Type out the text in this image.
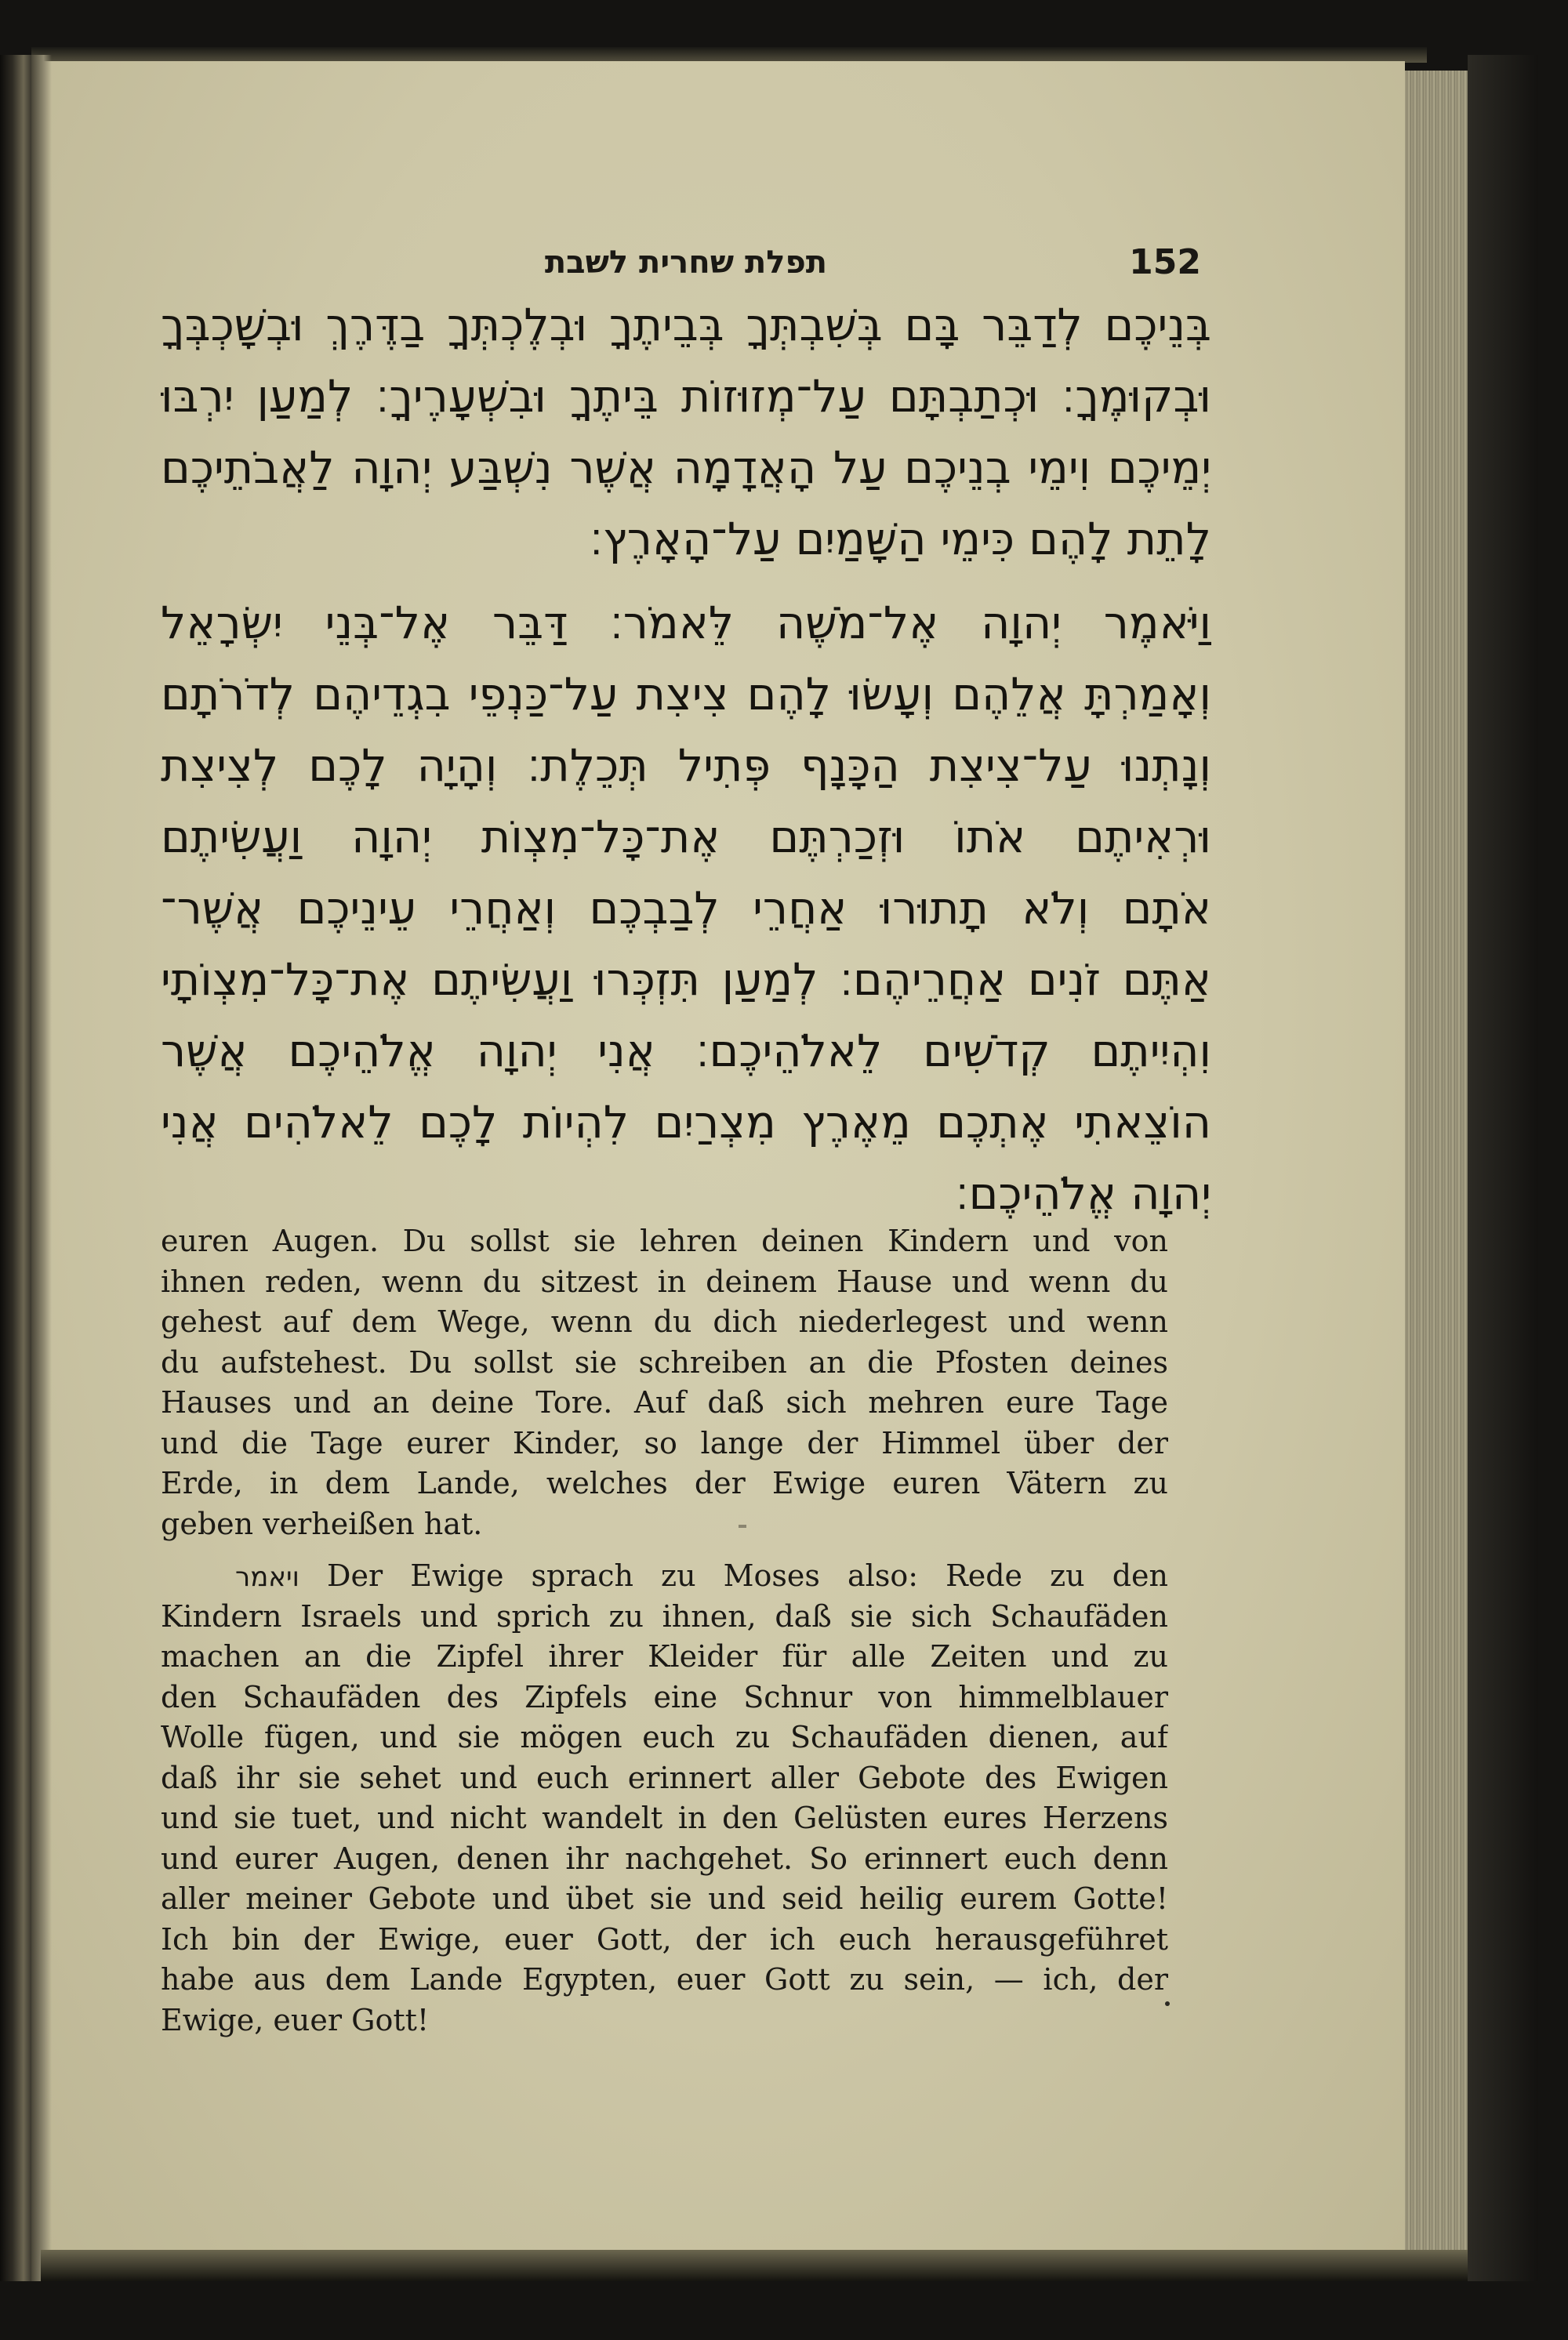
תפלת שחרית לשבת	152
בְּנֵיכֶם לְדַבֵּר בָּם בְּשִׁבְתְּךָ בְּבֵיתֶךָ וּבְלֶכְתְּךָ בַדֶּרֶךְ וּבְשָׁכְבְּךָ
וּבְקוּמֶךָ׃ וּכְתַבְתָּם עַל־מְזוּזוֹת בֵּיתֶךָ וּבִשְׁעָרֶיךָ׃ לְמַעַן יִרְבּוּ
יְמֵיכֶם וִימֵי בְנֵיכֶם עַל הָאֲדָמָה אֲשֶׁר נִשְׁבַּע יְהוָה לַאֲבֹתֵיכֶם
לָתֵת לָהֶם כִּימֵי הַשָּׁמַיִם עַל־הָאָרֶץ׃
וַיֹּאמֶר יְהוָה אֶל־מֹשֶׁה לֵּאמֹר׃ דַּבֵּר אֶל־בְּנֵי יִשְׂרָאֵל
וְאָמַרְתָּ אֲלֵהֶם וְעָשׂוּ לָהֶם צִיצִת עַל־כַּנְפֵי בִגְדֵיהֶם לְדֹרֹתָם
וְנָתְנוּ עַל־צִיצִת הַכָּנָף פְּתִיל תְּכֵלֶת׃ וְהָיָה לָכֶם לְצִיצִת
וּרְאִיתֶם אֹתוֹ וּזְכַרְתֶּם אֶת־כָּל־מִצְוֹת יְהוָה וַעֲשִׂיתֶם
אֹתָם וְלֹא תָתוּרוּ אַחֲרֵי לְבַבְכֶם וְאַחֲרֵי עֵינֵיכֶם אֲשֶׁר־
אַתֶּם זֹנִים אַחֲרֵיהֶם׃ לְמַעַן תִּזְכְּרוּ וַעֲשִׂיתֶם אֶת־כָּל־מִצְוֹתָי
וִהְיִיתֶם קְדֹשִׁים לֵאלֹהֵיכֶם׃ אֲנִי יְהוָה אֱלֹהֵיכֶם אֲשֶׁר
הוֹצֵאתִי אֶתְכֶם מֵאֶרֶץ מִצְרַיִם לִהְיוֹת לָכֶם לֵאלֹהִים אֲנִי
יְהוָה אֱלֹהֵיכֶם׃
euren Augen. Du sollst sie lehren deinen Kindern und von
ihnen reden, wenn du sitzest in deinem Hause und wenn du
gehest auf dem Wege, wenn du dich niederlegest und wenn
du aufstehest. Du sollst sie schreiben an die Pfosten deines
Hauses und an deine Tore. Auf daß sich mehren eure Tage
und die Tage eurer Kinder, so lange der Himmel über der
Erde, in dem Lande, welches der Ewige euren Vätern zu
geben verheißen hat.
ויאמר Der Ewige sprach zu Moses also: Rede zu den
Kindern Israels und sprich zu ihnen, daß sie sich Schaufäden
machen an die Zipfel ihrer Kleider für alle Zeiten und zu
den Schaufäden des Zipfels eine Schnur von himmelblauer
Wolle fügen, und sie mögen euch zu Schaufäden dienen, auf
daß ihr sie sehet und euch erinnert aller Gebote des Ewigen
und sie tuet, und nicht wandelt in den Gelüsten eures Herzens
und eurer Augen, denen ihr nachgehet. So erinnert euch denn
aller meiner Gebote und übet sie und seid heilig eurem Gotte!
Ich bin der Ewige, euer Gott, der ich euch herausgeführet
habe aus dem Lande Egypten, euer Gott zu sein, — ich, der
Ewige, euer Gott!
